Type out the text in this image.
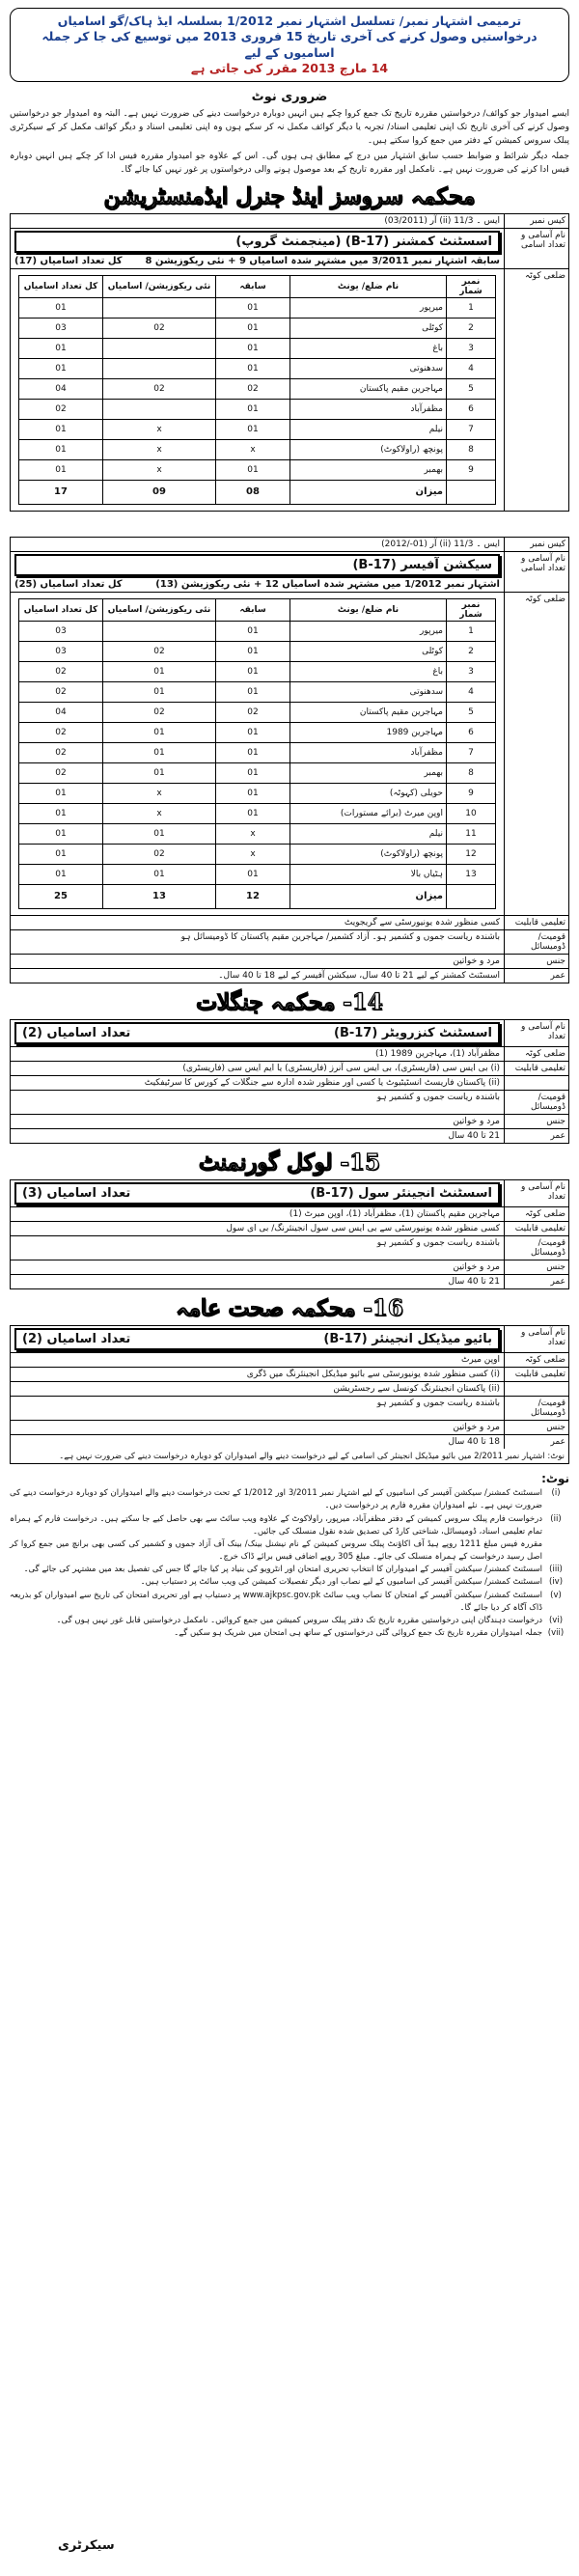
ترمیمی اشتہار نمبر/ تسلسل اشتہار نمبر 1/2012 بسلسلہ ایڈ ہاک/گو اسامیاں
درخواستیں وصول کرنے کی آخری تاریخ 15 فروری 2013 میں توسیع کی جا کر جملہ اسامیوں کے لیے
14 مارچ 2013 مقرر کی جاتی ہے
ضروری نوٹ

ایسے امیدوار جو کوائف/ درخواستیں مقررہ تاریخ تک جمع کروا چکے ہیں انہیں دوبارہ درخواست دینے کی ضرورت نہیں ہے۔ البتہ وہ امیدوار جو درخواستیں وصول کرنے کی آخری تاریخ تک اپنی تعلیمی اسناد/ تجربہ یا دیگر کوائف مکمل نہ کر سکے ہوں وہ اپنی تعلیمی اسناد و دیگر کوائف مکمل کر کے سیکرٹری پبلک سروس کمیشن کے دفتر میں جمع کروا سکتے ہیں۔

جملہ دیگر شرائط و ضوابط حسب سابق اشتہار میں درج کے مطابق ہی ہوں گی۔ اس کے علاوہ جو امیدوار مقررہ فیس ادا کر چکے ہیں انہیں دوبارہ فیس ادا کرنے کی ضرورت نہیں ہے۔ نامکمل اور مقررہ تاریخ کے بعد موصول ہونے والی درخواستوں پر غور نہیں کیا جائے گا۔

محکمہ سروسز اینڈ جنرل ایڈمنسٹریشن
کیس نمبر
ایس ۔ 11/3 (ii) آر (03/2011)
نام آسامی و تعداد اسامی
اسسٹنٹ کمشنر (B-17) (مینجمنٹ گروپ)
سابقہ اشتہار نمبر 3/2011 میں مشتہر شدہ اسامیاں 9 + نئی ریکوزیشن 8
کل تعداد اسامیاں (17)
ضلعی کوٹہ
نمبر شمار	نام ضلع/ یونٹ	سابقہ	نئی ریکوزیشن/ اسامیاں	کل تعداد اسامیاں
1	میرپور	01		01
2	کوٹلی	01	02	03
3	باغ	01		01
4	سدھنوتی	01		01
5	مہاجرین مقیم پاکستان	02	02	04
6	مظفرآباد	01		02
7	نیلم	01	x	01
8	پونچھ (راولاکوٹ)	x	x	01
9	بھمبر	01	x	01
	میزان	08	09	17
کیس نمبر
ایس ۔ 11/3 (ii) آر (01-/2012)
نام آسامی و تعداد اسامی
سیکشن آفیسر (B-17)
اشتہار نمبر 1/2012 میں مشتہر شدہ اسامیاں 12 + نئی ریکوزیشن (13)
کل تعداد اسامیاں (25)
ضلعی کوٹہ
نمبر شمار	نام ضلع/ یونٹ	سابقہ	نئی ریکوزیشن/ اسامیاں	کل تعداد اسامیاں
1	میرپور	01		03
2	کوٹلی	01	02	03
3	باغ	01	01	02
4	سدھنوتی	01	01	02
5	مہاجرین مقیم پاکستان	02	02	04
6	مہاجرین 1989	01	01	02
7	مظفرآباد	01	01	02
8	بھمبر	01	01	02
9	حویلی (کہوٹہ)	01	x	01
10	اوپن میرٹ (برائے مستورات)	01	x	01
11	نیلم	x	01	01
12	پونچھ (راولاکوٹ)	x	02	01
13	ہٹیاں بالا	01	01	01
	میزان	12	13	25
تعلیمی قابلیت
کسی منظور شدہ یونیورسٹی سے گریجویٹ
قومیت/ ڈومیسائل
باشندہ ریاست جموں و کشمیر ہو۔ آزاد کشمیر/ مہاجرین مقیم پاکستان کا ڈومیسائل ہو
جنس
مرد و خواتین
عمر
اسسٹنٹ کمشنر کے لیے 21 تا 40 سال، سیکشن آفیسر کے لیے 18 تا 40 سال۔
14- محکمہ جنگلات
نام آسامی و تعداد
اسسٹنٹ کنزرویٹر (B-17)
تعداد اسامیاں (2)
ضلعی کوٹہ
مظفرآباد (1)، مہاجرین 1989 (1)
تعلیمی قابلیت
(i) بی ایس سی (فاریسٹری)، بی ایس سی آنرز (فاریسٹری) یا ایم ایس سی (فاریسٹری)
(ii) پاکستان فاریسٹ انسٹیٹیوٹ یا کسی اور منظور شدہ ادارہ سے جنگلات کے کورس کا سرٹیفکیٹ
قومیت/ ڈومیسائل
باشندہ ریاست جموں و کشمیر ہو
جنس
مرد و خواتین
عمر
21 تا 40 سال
15- لوکل گورنمنٹ
نام آسامی و تعداد
اسسٹنٹ انجینئر سول (B-17)
تعداد اسامیاں (3)
ضلعی کوٹہ
مہاجرین مقیم پاکستان (1)، مظفرآباد (1)، اوپن میرٹ (1)
تعلیمی قابلیت
کسی منظور شدہ یونیورسٹی سے بی ایس سی سول انجینئرنگ/ بی ای سول
قومیت/ ڈومیسائل
باشندہ ریاست جموں و کشمیر ہو
جنس
مرد و خواتین
عمر
21 تا 40 سال
16- محکمہ صحت عامہ
نام آسامی و تعداد
بائیو میڈیکل انجینئر (B-17)
تعداد اسامیاں (2)
ضلعی کوٹہ
اوپن میرٹ
تعلیمی قابلیت
(i) کسی منظور شدہ یونیورسٹی سے بائیو میڈیکل انجینئرنگ میں ڈگری
(ii) پاکستان انجینئرنگ کونسل سے رجسٹریشن
قومیت/ ڈومیسائل
باشندہ ریاست جموں و کشمیر ہو
جنس
مرد و خواتین
عمر
18 تا 40 سال
نوٹ: اشتہار نمبر 2/2011 میں بائیو میڈیکل انجینئر کی اسامی کے لیے درخواست دینے والے امیدواران کو دوبارہ درخواست دینے کی ضرورت نہیں ہے۔
نوٹ:
(i)
اسسٹنٹ کمشنر/ سیکشن آفیسر کی اسامیوں کے لیے اشتہار نمبر 3/2011 اور 1/2012 کے تحت درخواست دینے والے امیدواران کو دوبارہ درخواست دینے کی ضرورت نہیں ہے۔ نئے امیدواران مقررہ فارم پر درخواست دیں۔
(ii)
درخواست فارم پبلک سروس کمیشن کے دفتر مظفرآباد، میرپور، راولاکوٹ کے علاوہ ویب سائٹ سے بھی حاصل کیے جا سکتے ہیں۔ درخواست فارم کے ہمراہ تمام تعلیمی اسناد، ڈومیسائل، شناختی کارڈ کی تصدیق شدہ نقول منسلک کی جائیں۔
مقررہ فیس مبلغ 1211 روپے ہیڈ آف اکاؤنٹ پبلک سروس کمیشن کے نام نیشنل بینک/ بینک آف آزاد جموں و کشمیر کی کسی بھی برانچ میں جمع کروا کر اصل رسید درخواست کے ہمراہ منسلک کی جائے۔ مبلغ 305 روپے اضافی فیس برائے ڈاک خرچ۔
(iii)
اسسٹنٹ کمشنر/ سیکشن آفیسر کے امیدواران کا انتخاب تحریری امتحان اور انٹرویو کی بنیاد پر کیا جائے گا جس کی تفصیل بعد میں مشتہر کی جائے گی۔
(iv)
اسسٹنٹ کمشنر/ سیکشن آفیسر کی اسامیوں کے لیے نصاب اور دیگر تفصیلات کمیشن کی ویب سائٹ پر دستیاب ہیں۔
(v)
اسسٹنٹ کمشنر/ سیکشن آفیسر کے امتحان کا نصاب ویب سائٹ www.ajkpsc.gov.pk پر دستیاب ہے اور تحریری امتحان کی تاریخ سے امیدواران کو بذریعہ ڈاک آگاہ کر دیا جائے گا۔
(vi)
درخواست دہندگان اپنی درخواستیں مقررہ تاریخ تک دفتر پبلک سروس کمیشن میں جمع کروائیں۔ نامکمل درخواستیں قابل غور نہیں ہوں گی۔
(vii)
جملہ امیدواران مقررہ تاریخ تک جمع کروائی گئی درخواستوں کے ساتھ ہی امتحان میں شریک ہو سکیں گے۔
سیکرٹری
